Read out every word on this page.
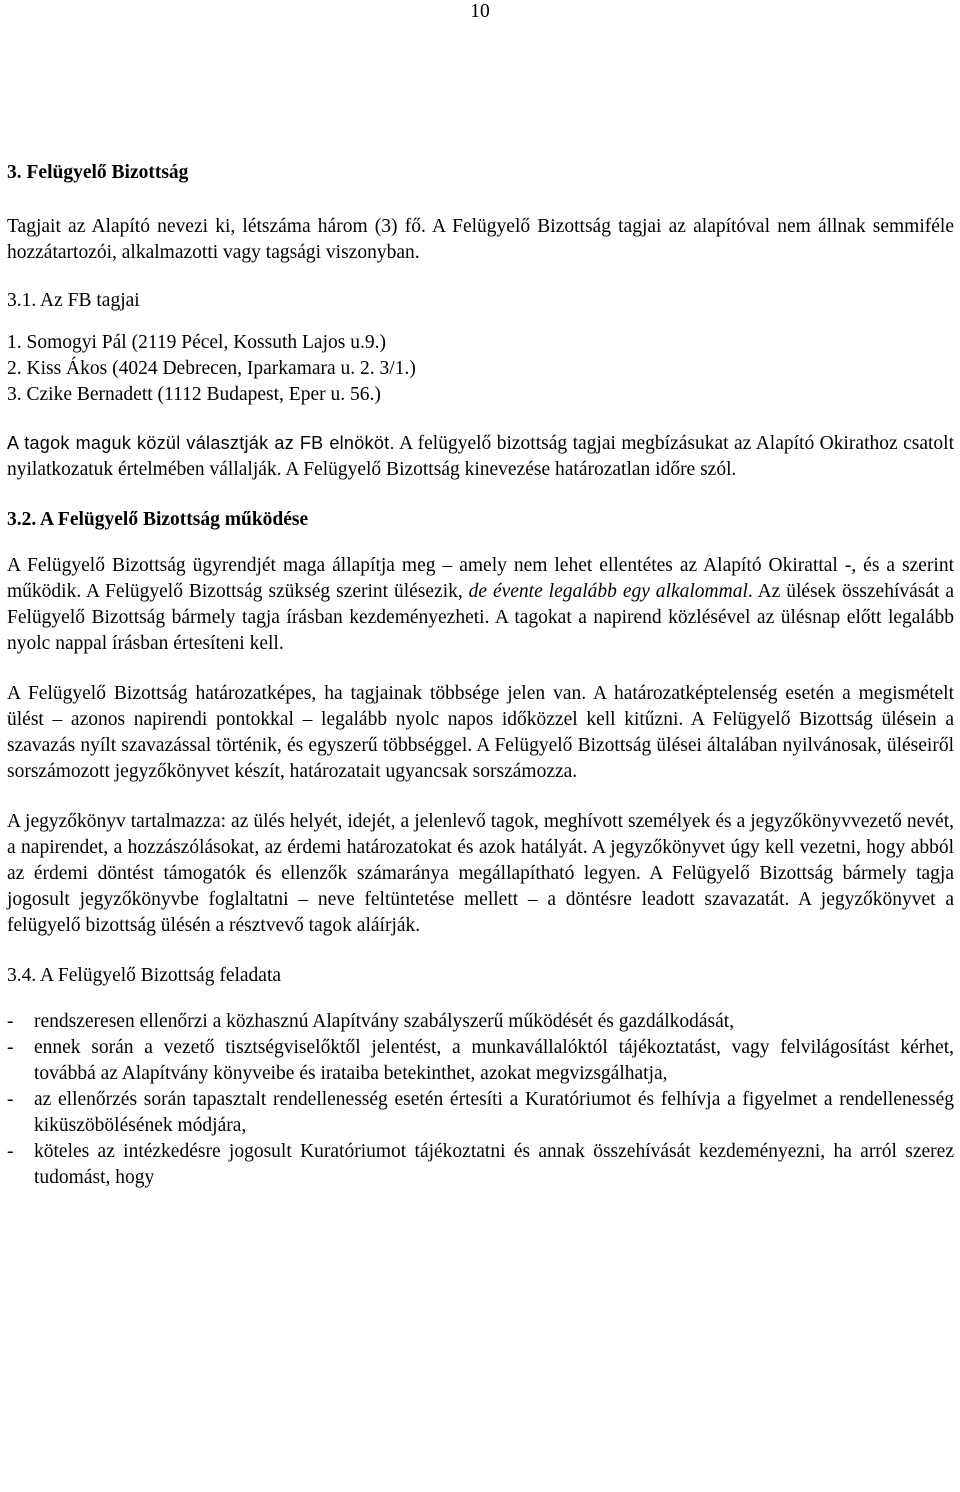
10

3. Felügyelő Bizottság

Tagjait az Alapító nevezi ki, létszáma három (3) fő. A Felügyelő Bizottság tagjai az alapítóval nem állnak semmiféle hozzátartozói, alkalmazotti vagy tagsági viszonyban.

3.1. Az FB tagjai

1. Somogyi Pál (2119 Pécel, Kossuth Lajos u.9.)

2. Kiss Ákos (4024 Debrecen, Iparkamara u. 2. 3/1.)

3. Czike Bernadett (1112 Budapest, Eper u. 56.)

A tagok maguk közül választják az FB elnököt. A felügyelő bizottság tagjai megbízásukat az Alapító Okirathoz csatolt nyilatkozatuk értelmében vállalják. A Felügyelő Bizottság kinevezése határozatlan időre szól.

3.2. A Felügyelő Bizottság működése

A Felügyelő Bizottság ügyrendjét maga állapítja meg – amely nem lehet ellentétes az Alapító Okirattal -, és a szerint működik. A Felügyelő Bizottság szükség szerint ülésezik, de évente legalább egy alkalommal. Az ülések összehívását a Felügyelő Bizottság bármely tagja írásban kezdeményezheti. A tagokat a napirend közlésével az ülésnap előtt legalább nyolc nappal írásban értesíteni kell.

A Felügyelő Bizottság határozatképes, ha tagjainak többsége jelen van. A határozatképtelenség esetén a megismételt ülést – azonos napirendi pontokkal – legalább nyolc napos időközzel kell kitűzni. A Felügyelő Bizottság ülésein a szavazás nyílt szavazással történik, és egyszerű többséggel. A Felügyelő Bizottság ülései általában nyilvánosak, üléseiről sorszámozott jegyzőkönyvet készít, határozatait ugyancsak sorszámozza.

A jegyzőkönyv tartalmazza: az ülés helyét, idejét, a jelenlevő tagok, meghívott személyek és a jegyzőkönyvvezető nevét, a napirendet, a hozzászólásokat, az érdemi határozatokat és azok hatályát. A jegyzőkönyvet úgy kell vezetni, hogy abból az érdemi döntést támogatók és ellenzők számaránya megállapítható legyen. A Felügyelő Bizottság bármely tagja jogosult jegyzőkönyvbe foglaltatni – neve feltüntetése mellett – a döntésre leadott szavazatát. A jegyzőkönyvet a felügyelő bizottság ülésén a résztvevő tagok aláírják.

3.4. A Felügyelő Bizottság feladata

-	rendszeresen ellenőrzi a közhasznú Alapítvány szabályszerű működését és gazdálkodását,
-	ennek során a vezető tisztségviselőktől jelentést, a munkavállalóktól tájékoztatást, vagy felvilágosítást kérhet, továbbá az Alapítvány könyveibe és irataiba betekinthet, azokat megvizsgálhatja,
-	az ellenőrzés során tapasztalt rendellenesség esetén értesíti a Kuratóriumot és felhívja a figyelmet a rendellenesség kiküszöbölésének módjára,
-	köteles az intézkedésre jogosult Kuratóriumot tájékoztatni és annak összehívását kezdeményezni, ha arról szerez tudomást, hogy
